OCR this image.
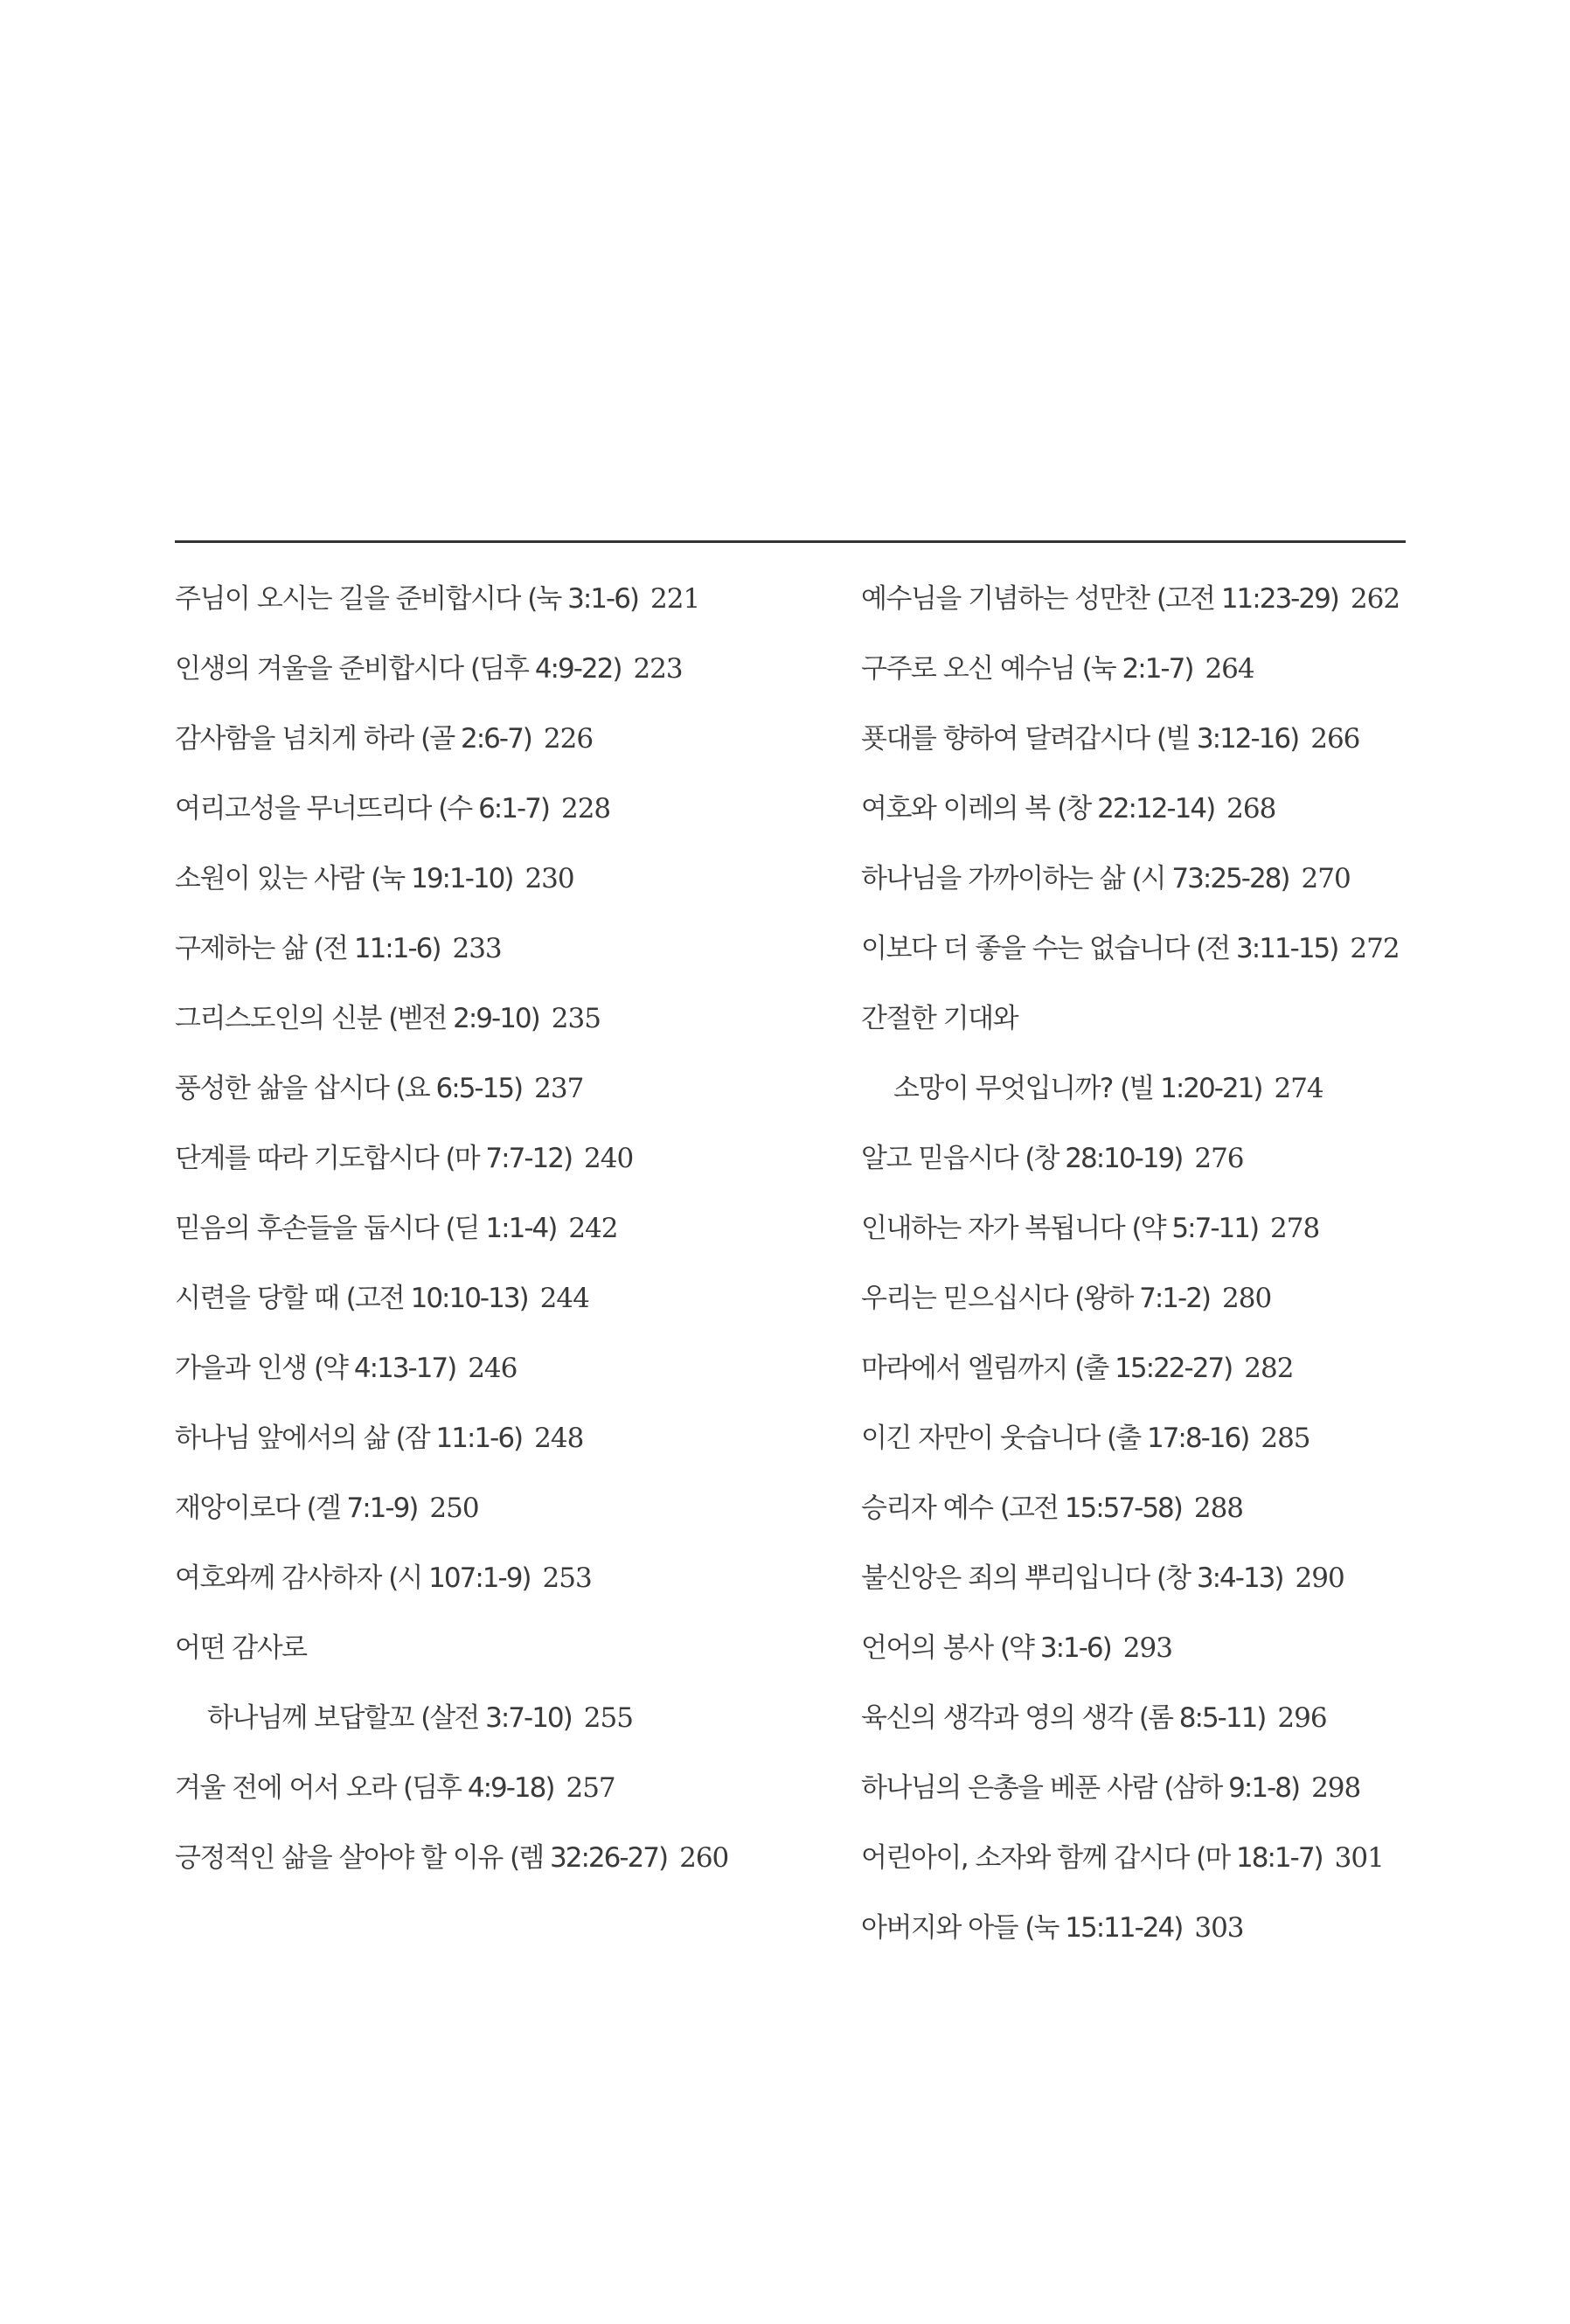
주님이 오시는 길을 준비합시다 (눅 3:1-6) 221
인생의 겨울을 준비합시다 (딤후 4:9-22) 223
감사함을 넘치게 하라 (골 2:6-7) 226
여리고성을 무너뜨리다 (수 6:1-7) 228
소원이 있는 사람 (눅 19:1-10) 230
구제하는 삶 (전 11:1-6) 233
그리스도인의 신분 (벧전 2:9-10) 235
풍성한 삶을 삽시다 (요 6:5-15) 237
단계를 따라 기도합시다 (마 7:7-12) 240
믿음의 후손들을 둡시다 (딛 1:1-4) 242
시련을 당할 때 (고전 10:10-13) 244
가을과 인생 (약 4:13-17) 246
하나님 앞에서의 삶 (잠 11:1-6) 248
재앙이로다 (겔 7:1-9) 250
여호와께 감사하자 (시 107:1-9) 253
어떤 감사로
하나님께 보답할꼬 (살전 3:7-10) 255
겨울 전에 어서 오라 (딤후 4:9-18) 257
긍정적인 삶을 살아야 할 이유 (렘 32:26-27) 260
예수님을 기념하는 성만찬 (고전 11:23-29) 262
구주로 오신 예수님 (눅 2:1-7) 264
푯대를 향하여 달려갑시다 (빌 3:12-16) 266
여호와 이레의 복 (창 22:12-14) 268
하나님을 가까이하는 삶 (시 73:25-28) 270
이보다 더 좋을 수는 없습니다 (전 3:11-15) 272
간절한 기대와
소망이 무엇입니까? (빌 1:20-21) 274
알고 믿읍시다 (창 28:10-19) 276
인내하는 자가 복됩니다 (약 5:7-11) 278
우리는 믿으십시다 (왕하 7:1-2) 280
마라에서 엘림까지 (출 15:22-27) 282
이긴 자만이 웃습니다 (출 17:8-16) 285
승리자 예수 (고전 15:57-58) 288
불신앙은 죄의 뿌리입니다 (창 3:4-13) 290
언어의 봉사 (약 3:1-6) 293
육신의 생각과 영의 생각 (롬 8:5-11) 296
하나님의 은총을 베푼 사람 (삼하 9:1-8) 298
어린아이, 소자와 함께 갑시다 (마 18:1-7) 301
아버지와 아들 (눅 15:11-24) 303
